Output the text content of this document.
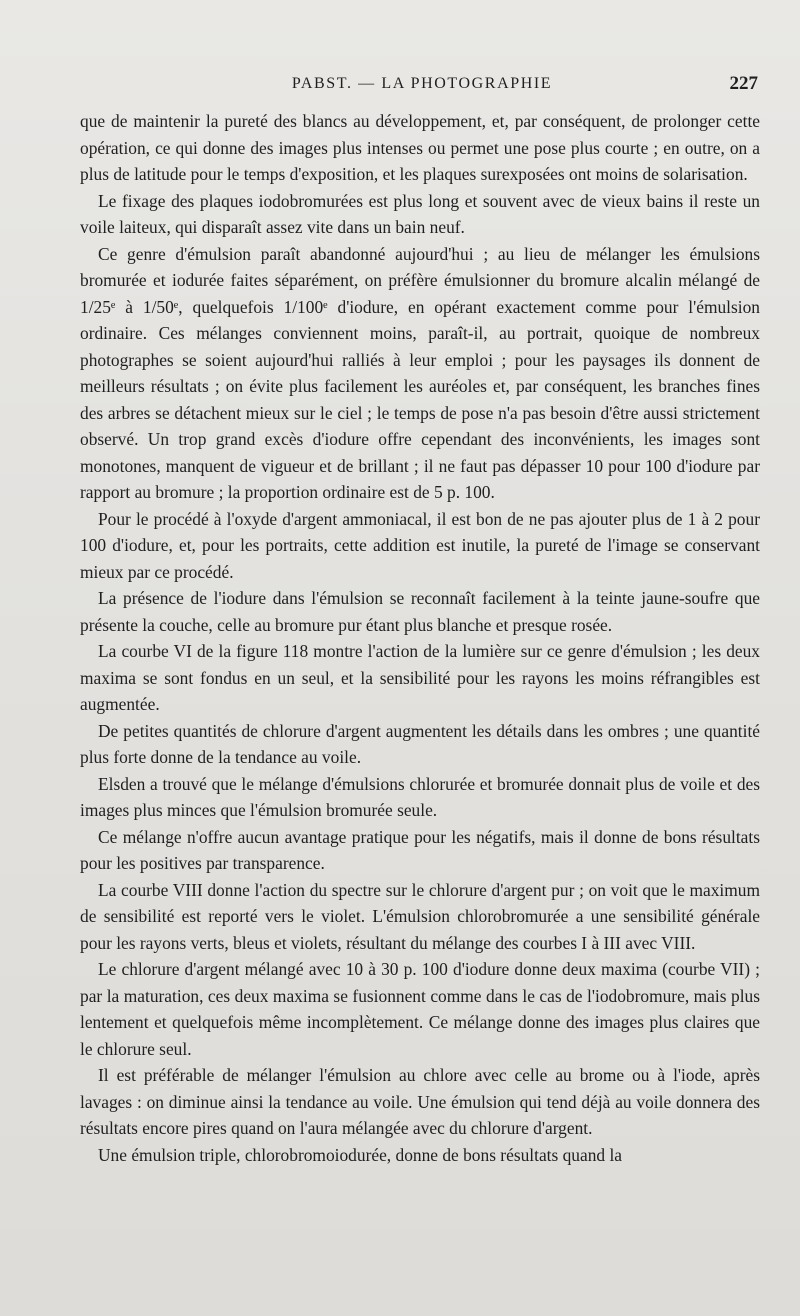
PABST. — LA PHOTOGRAPHIE	227

que de maintenir la pureté des blancs au développement, et, par conséquent, de prolonger cette opération, ce qui donne des images plus intenses ou permet une pose plus courte ; en outre, on a plus de latitude pour le temps d'exposition, et les plaques surexposées ont moins de solarisation.

Le fixage des plaques iodobromurées est plus long et souvent avec de vieux bains il reste un voile laiteux, qui disparaît assez vite dans un bain neuf.

Ce genre d'émulsion paraît abandonné aujourd'hui ; au lieu de mélanger les émulsions bromurée et iodurée faites séparément, on préfère émulsionner du bromure alcalin mélangé de 1/25ᵉ à 1/50ᵉ, quelquefois 1/100ᵉ d'iodure, en opérant exactement comme pour l'émulsion ordinaire. Ces mélanges conviennent moins, paraît-il, au portrait, quoique de nombreux photographes se soient aujourd'hui ralliés à leur emploi ; pour les paysages ils donnent de meilleurs résultats ; on évite plus facilement les auréoles et, par conséquent, les branches fines des arbres se détachent mieux sur le ciel ; le temps de pose n'a pas besoin d'être aussi strictement observé. Un trop grand excès d'iodure offre cependant des inconvénients, les images sont monotones, manquent de vigueur et de brillant ; il ne faut pas dépasser 10 pour 100 d'iodure par rapport au bromure ; la proportion ordinaire est de 5 p. 100.

Pour le procédé à l'oxyde d'argent ammoniacal, il est bon de ne pas ajouter plus de 1 à 2 pour 100 d'iodure, et, pour les portraits, cette addition est inutile, la pureté de l'image se conservant mieux par ce procédé.

La présence de l'iodure dans l'émulsion se reconnaît facilement à la teinte jaune-soufre que présente la couche, celle au bromure pur étant plus blanche et presque rosée.

La courbe VI de la figure 118 montre l'action de la lumière sur ce genre d'émulsion ; les deux maxima se sont fondus en un seul, et la sensibilité pour les rayons les moins réfrangibles est augmentée.

De petites quantités de chlorure d'argent augmentent les détails dans les ombres ; une quantité plus forte donne de la tendance au voile.

Elsden a trouvé que le mélange d'émulsions chlorurée et bromurée donnait plus de voile et des images plus minces que l'émulsion bromurée seule.

Ce mélange n'offre aucun avantage pratique pour les négatifs, mais il donne de bons résultats pour les positives par transparence.

La courbe VIII donne l'action du spectre sur le chlorure d'argent pur ; on voit que le maximum de sensibilité est reporté vers le violet. L'émulsion chlorobromurée a une sensibilité générale pour les rayons verts, bleus et violets, résultant du mélange des courbes I à III avec VIII.

Le chlorure d'argent mélangé avec 10 à 30 p. 100 d'iodure donne deux maxima (courbe VII) ; par la maturation, ces deux maxima se fusionnent comme dans le cas de l'iodobromure, mais plus lentement et quelquefois même incomplètement. Ce mélange donne des images plus claires que le chlorure seul.

Il est préférable de mélanger l'émulsion au chlore avec celle au brome ou à l'iode, après lavages : on diminue ainsi la tendance au voile. Une émulsion qui tend déjà au voile donnera des résultats encore pires quand on l'aura mélangée avec du chlorure d'argent.

Une émulsion triple, chlorobromoiodurée, donne de bons résultats quand la
